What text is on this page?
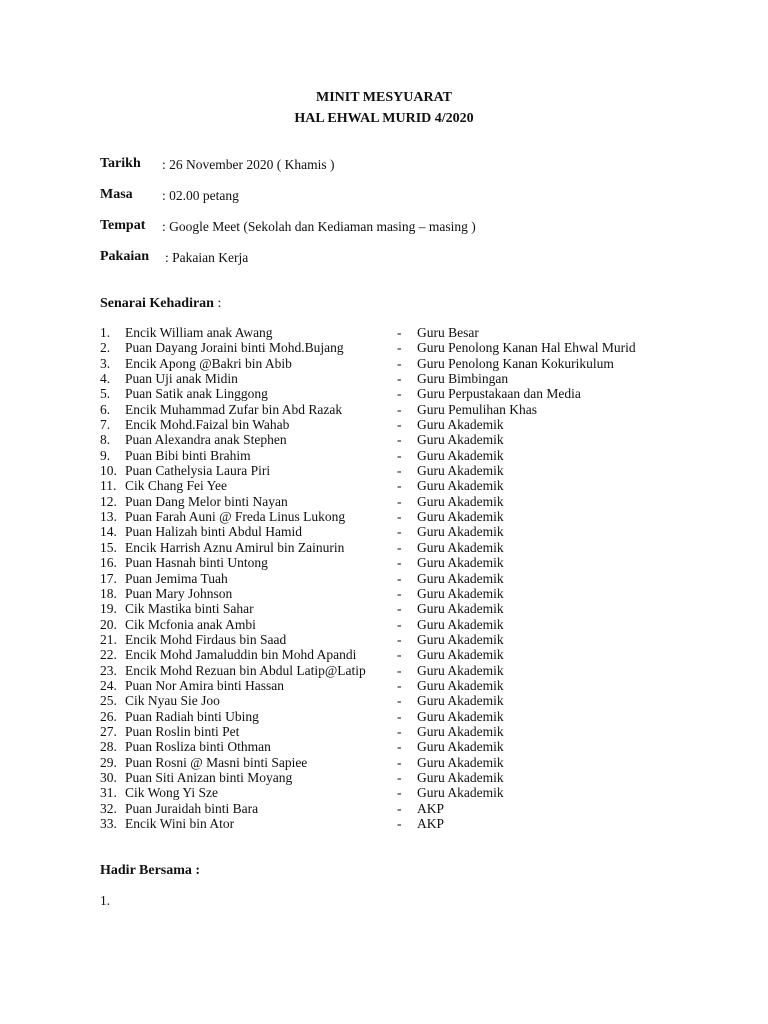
MINIT MESYUARAT
HAL EHWAL MURID 4/2020
Tarikh : 26 November 2020 ( Khamis )
Masa : 02.00 petang
Tempat : Google Meet (Sekolah dan Kediaman masing – masing )
Pakaian : Pakaian Kerja
Senarai Kehadiran :
1. Encik William anak Awang	- Guru Besar
2. Puan Dayang Joraini binti Mohd.Bujang	- Guru Penolong Kanan Hal Ehwal Murid
3. Encik Apong @Bakri bin Abib	- Guru Penolong Kanan Kokurikulum
4. Puan Uji anak Midin	- Guru Bimbingan
5. Puan Satik anak Linggong	- Guru Perpustakaan dan Media
6. Encik Muhammad Zufar bin Abd Razak	- Guru Pemulihan Khas
7. Encik Mohd.Faizal bin Wahab	- Guru Akademik
8. Puan Alexandra anak Stephen	- Guru Akademik
9. Puan Bibi binti Brahim	- Guru Akademik
10. Puan Cathelysia Laura Piri	- Guru Akademik
11. Cik Chang Fei Yee	- Guru Akademik
12. Puan Dang Melor binti Nayan	- Guru Akademik
13. Puan Farah Auni @ Freda Linus Lukong	- Guru Akademik
14. Puan Halizah binti Abdul Hamid	- Guru Akademik
15. Encik Harrish Aznu Amirul bin Zainurin	- Guru Akademik
16. Puan Hasnah binti Untong	- Guru Akademik
17. Puan Jemima Tuah	- Guru Akademik
18. Puan Mary Johnson	- Guru Akademik
19. Cik Mastika binti Sahar	- Guru Akademik
20. Cik Mcfonia anak Ambi	- Guru Akademik
21. Encik Mohd Firdaus bin Saad	- Guru Akademik
22. Encik Mohd Jamaluddin bin Mohd Apandi	- Guru Akademik
23. Encik Mohd Rezuan bin Abdul Latip@Latip - Guru Akademik
24. Puan Nor Amira binti Hassan	- Guru Akademik
25. Cik Nyau Sie Joo	- Guru Akademik
26. Puan Radiah binti Ubing	- Guru Akademik
27. Puan Roslin binti Pet	- Guru Akademik
28. Puan Rosliza binti Othman	- Guru Akademik
29. Puan Rosni @ Masni binti Sapiee	- Guru Akademik
30. Puan Siti Anizan binti Moyang	- Guru Akademik
31. Cik Wong Yi Sze	- Guru Akademik
32. Puan Juraidah binti Bara	- AKP
33. Encik Wini bin Ator	- AKP
Hadir Bersama :
1.
